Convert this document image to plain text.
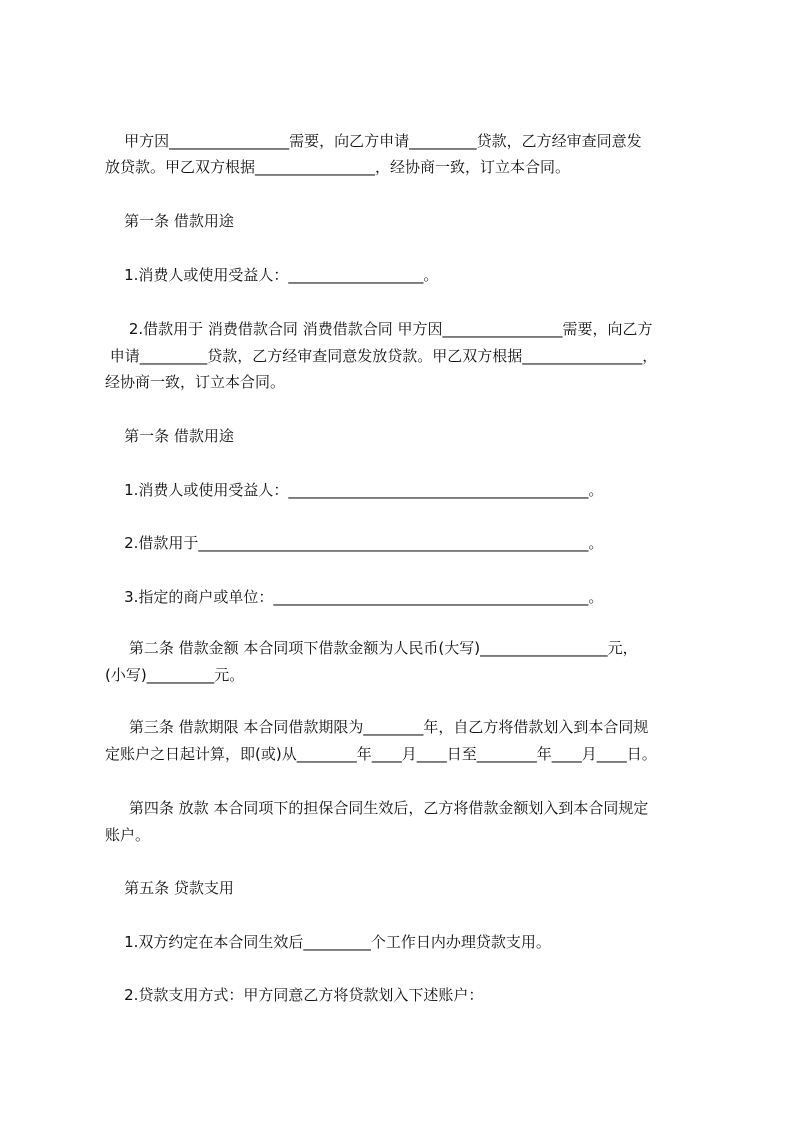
甲方因________________需要，向乙方申请_________贷款，乙方经审查同意发
放贷款。甲乙双方根据________________，经协商一致，订立本合同。
第一条 借款用途
1.消费人或使用受益人：__________________。
2.借款用于 消费借款合同 消费借款合同 甲方因________________需要，向乙方
申请_________贷款，乙方经审查同意发放贷款。甲乙双方根据________________，
经协商一致，订立本合同。
第一条 借款用途
1.消费人或使用受益人：________________________________________。
2.借款用于____________________________________________________。
3.指定的商户或单位：__________________________________________。
第二条 借款金额 本合同项下借款金额为人民币(大写)_________________元，
(小写)_________元。
第三条 借款期限 本合同借款期限为________年，自乙方将借款划入到本合同规
定账户之日起计算，即(或)从________年____月____日至________年____月____日。
第四条 放款 本合同项下的担保合同生效后，乙方将借款金额划入到本合同规定
账户。
第五条 贷款支用
1.双方约定在本合同生效后_________个工作日内办理贷款支用。
2.贷款支用方式：甲方同意乙方将贷款划入下述账户：
